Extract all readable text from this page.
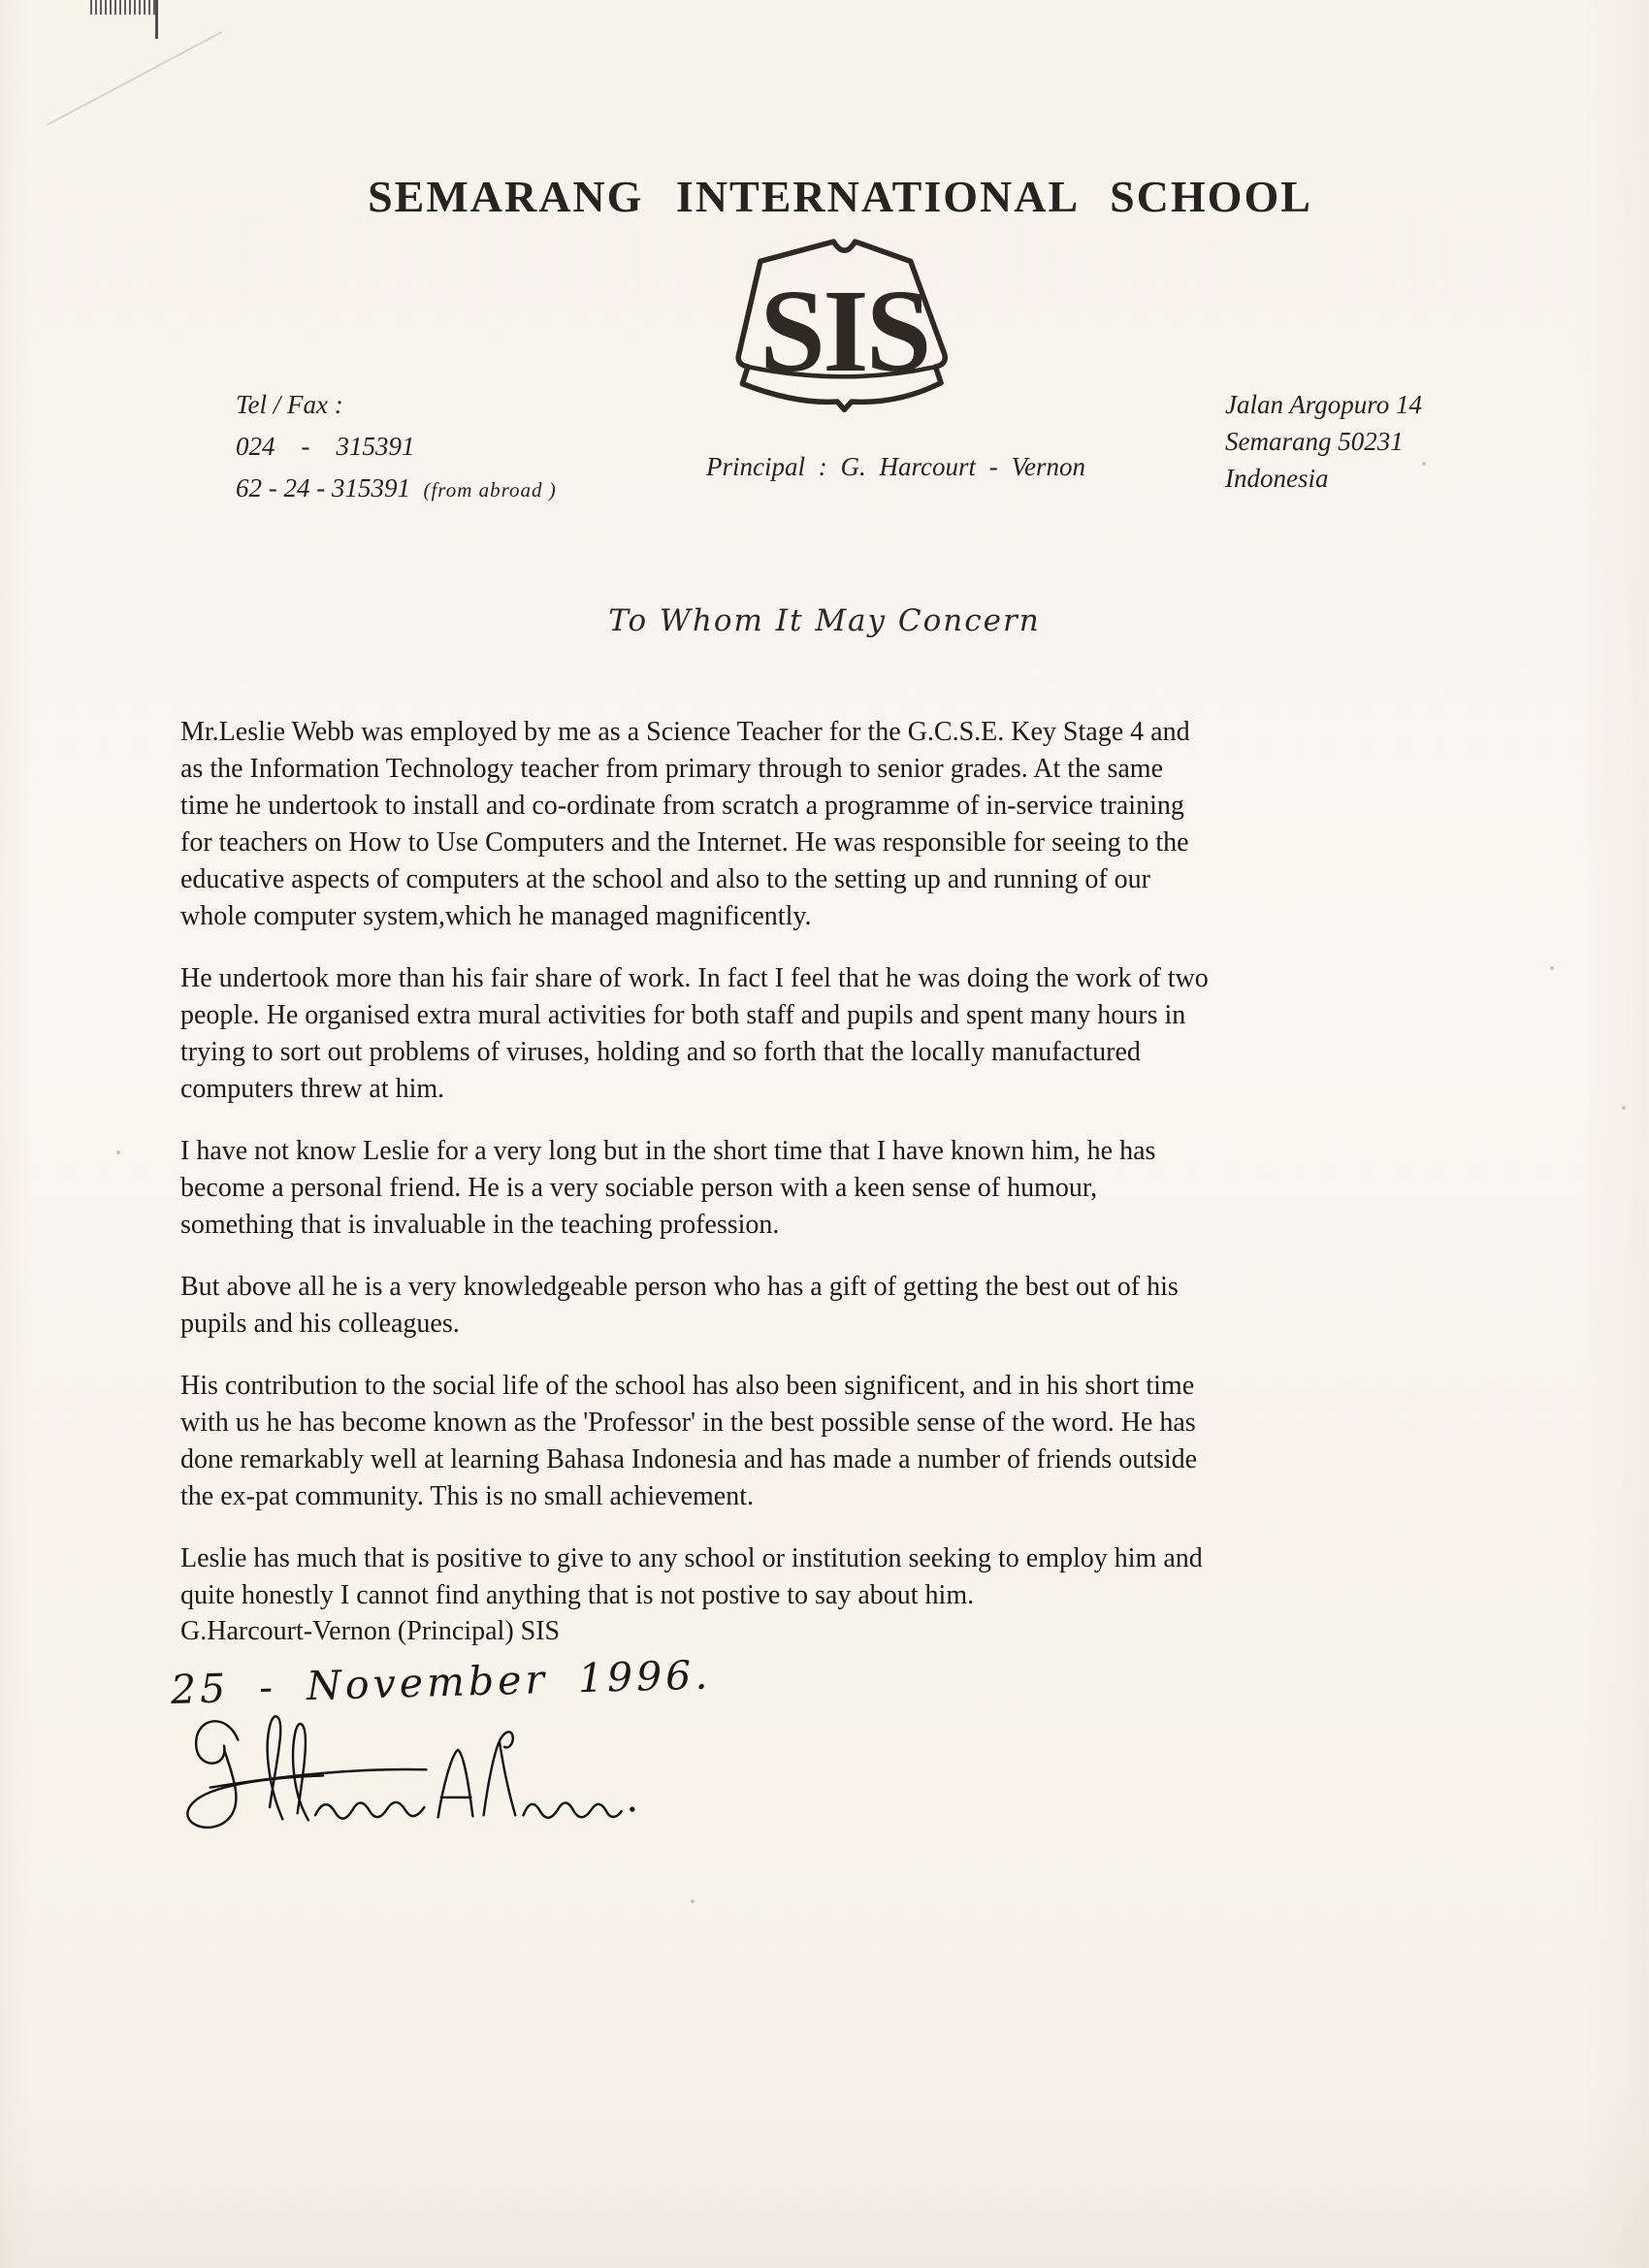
SEMARANG INTERNATIONAL SCHOOL
SIS
Tel / Fax :
024    -    315391
62 - 24 - 315391 (from abroad )
Principal : G. Harcourt - Vernon
Jalan Argopuro 14
Semarang 50231
Indonesia
To Whom It May Concern

Mr.Leslie Webb was employed by me as a Science Teacher for the G.C.S.E. Key Stage 4 and
as the Information Technology teacher from primary through to senior grades. At the same
time he undertook to install and co-ordinate from scratch a programme of in-service training
for teachers on How to Use Computers and the Internet. He was responsible for seeing to the
educative aspects of computers at the school and also to the setting up and running of our
whole computer system,which he managed magnificently.

He undertook more than his fair share of work. In fact I feel that he was doing the work of two
people. He organised extra mural activities for both staff and pupils and spent many hours in
trying to sort out problems of viruses, holding and so forth that the locally manufactured
computers threw at him.

I have not know Leslie for a very long but in the short time that I have known him, he has
become a personal friend. He is a very sociable person with a keen sense of humour,
something that is invaluable in the teaching profession.

But above all he is a very knowledgeable person who has a gift of getting the best out of his
pupils and his colleagues.

His contribution to the social life of the school has also been significent, and in his short time
with us he has become known as the 'Professor' in the best possible sense of the word. He has
done remarkably well at learning Bahasa Indonesia and has made a number of friends outside
the ex-pat community. This is no small achievement.

Leslie has much that is positive to give to any school or institution seeking to employ him and
quite honestly I cannot find anything that is not postive to say about him.

G.Harcourt-Vernon (Principal) SIS
25 - November 1996.
